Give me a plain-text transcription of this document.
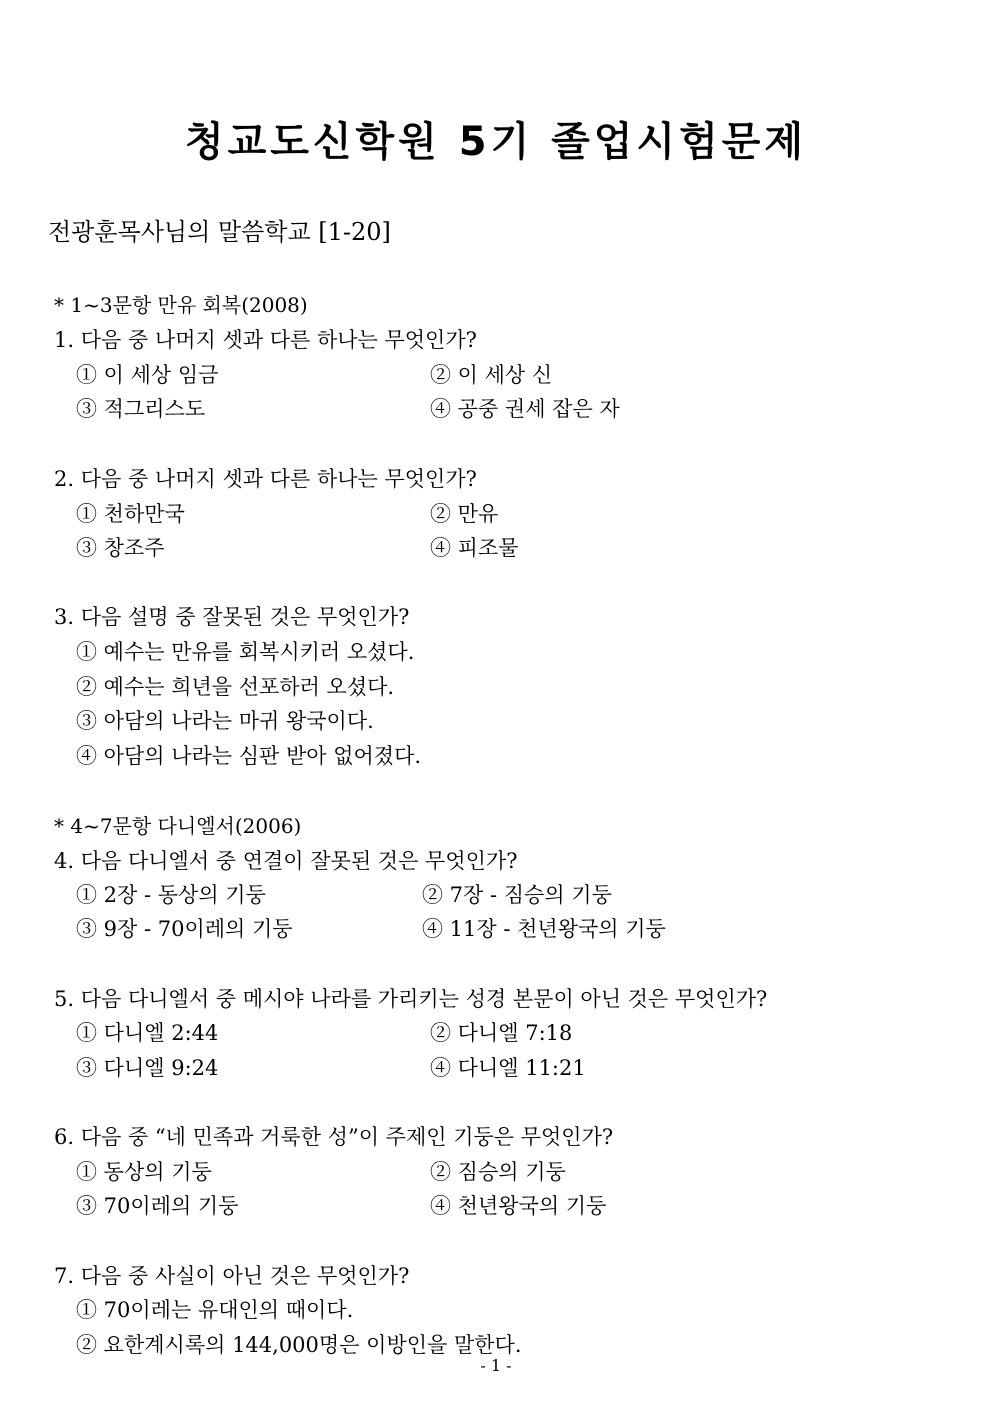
청교도신학원 5기 졸업시험문제
전광훈목사님의 말씀학교 [1-20]
* 1~3문항 만유 회복(2008)
1. 다음 중 나머지 셋과 다른 하나는 무엇인가?
① 이 세상 임금	② 이 세상 신
③ 적그리스도	④ 공중 권세 잡은 자
2. 다음 중 나머지 셋과 다른 하나는 무엇인가?
① 천하만국	② 만유
③ 창조주	④ 피조물
3. 다음 설명 중 잘못된 것은 무엇인가?
① 예수는 만유를 회복시키러 오셨다.
② 예수는 희년을 선포하러 오셨다.
③ 아담의 나라는 마귀 왕국이다.
④ 아담의 나라는 심판 받아 없어졌다.
* 4~7문항 다니엘서(2006)
4. 다음 다니엘서 중 연결이 잘못된 것은 무엇인가?
① 2장 - 동상의 기둥	② 7장 - 짐승의 기둥
③ 9장 - 70이레의 기둥	④ 11장 - 천년왕국의 기둥
5. 다음 다니엘서 중 메시야 나라를 가리키는 성경 본문이 아닌 것은 무엇인가?
① 다니엘 2:44	② 다니엘 7:18
③ 다니엘 9:24	④ 다니엘 11:21
6. 다음 중 “네 민족과 거룩한 성”이 주제인 기둥은 무엇인가?
① 동상의 기둥	② 짐승의 기둥
③ 70이레의 기둥	④ 천년왕국의 기둥
7. 다음 중 사실이 아닌 것은 무엇인가?
① 70이레는 유대인의 때이다.
② 요한계시록의 144,000명은 이방인을 말한다.
- 1 -
